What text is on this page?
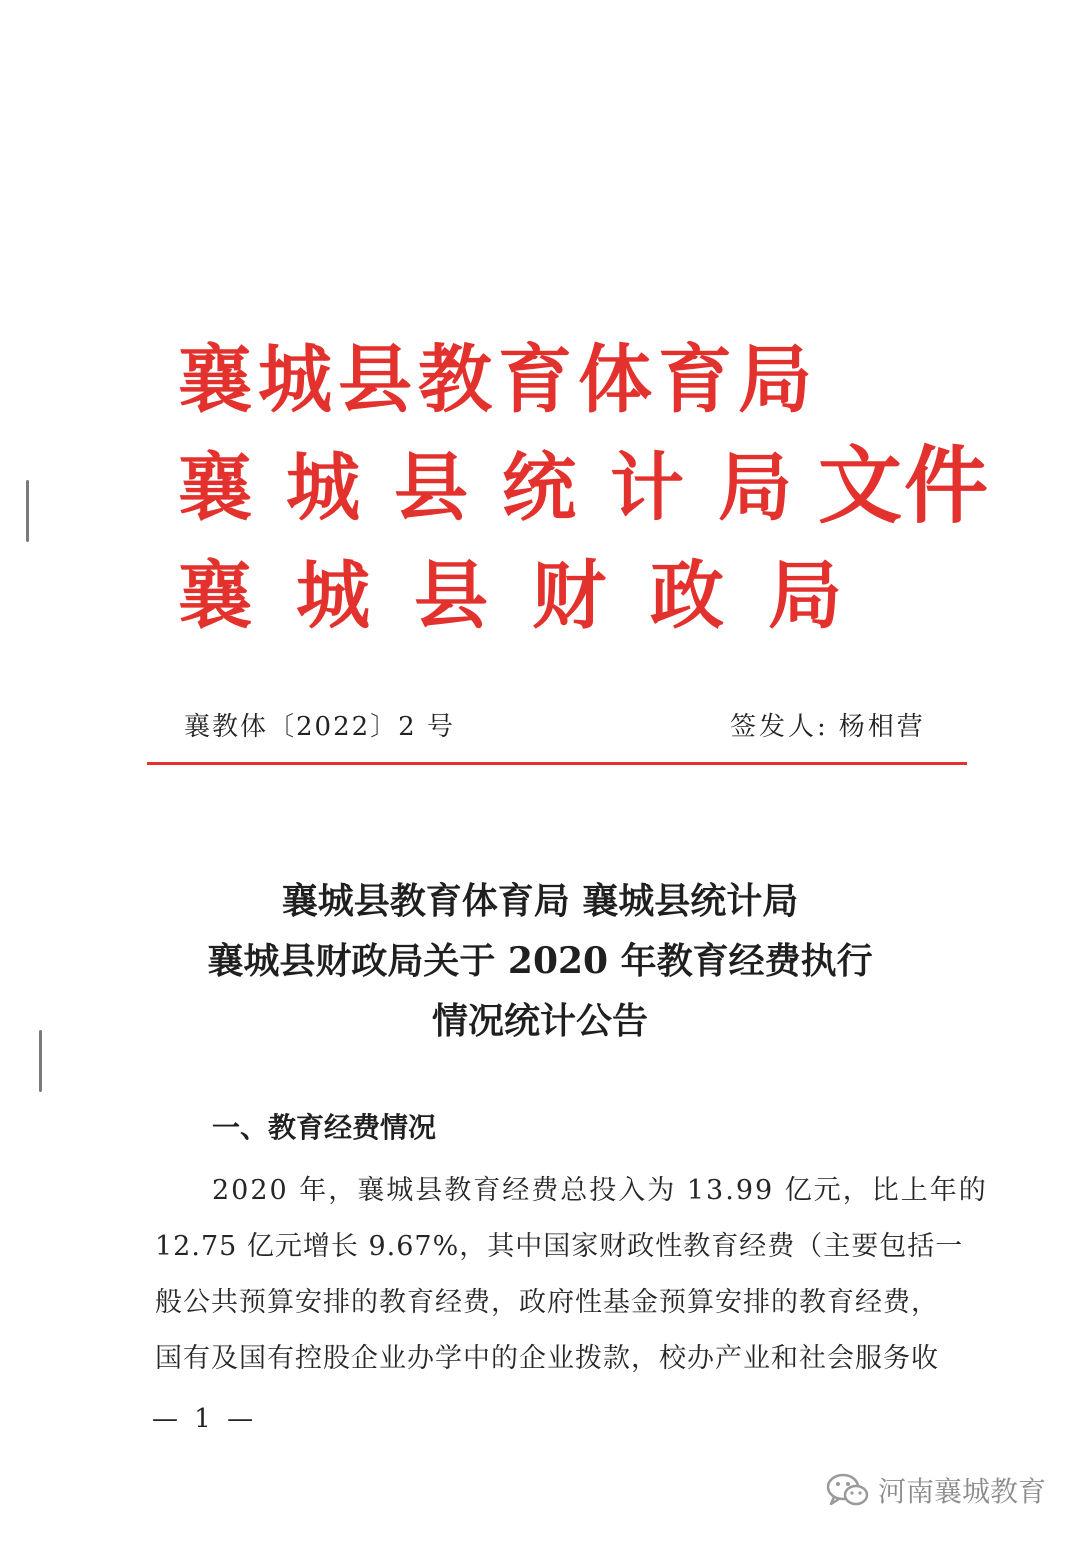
襄城县教育体育局
襄城县统计局
襄城县财政局
文件
襄教体〔2022〕2 号	签发人: 杨相营
襄城县教育体育局 襄城县统计局
襄城县财政局关于 2020 年教育经费执行
情况统计公告
一、教育经费情况
2020 年，襄城县教育经费总投入为 13.99 亿元，比上年的
12.75 亿元增长 9.67%，其中国家财政性教育经费（主要包括一
般公共预算安排的教育经费，政府性基金预算安排的教育经费，
国有及国有控股企业办学中的企业拨款，校办产业和社会服务收
— 1 —
河南襄城教育
